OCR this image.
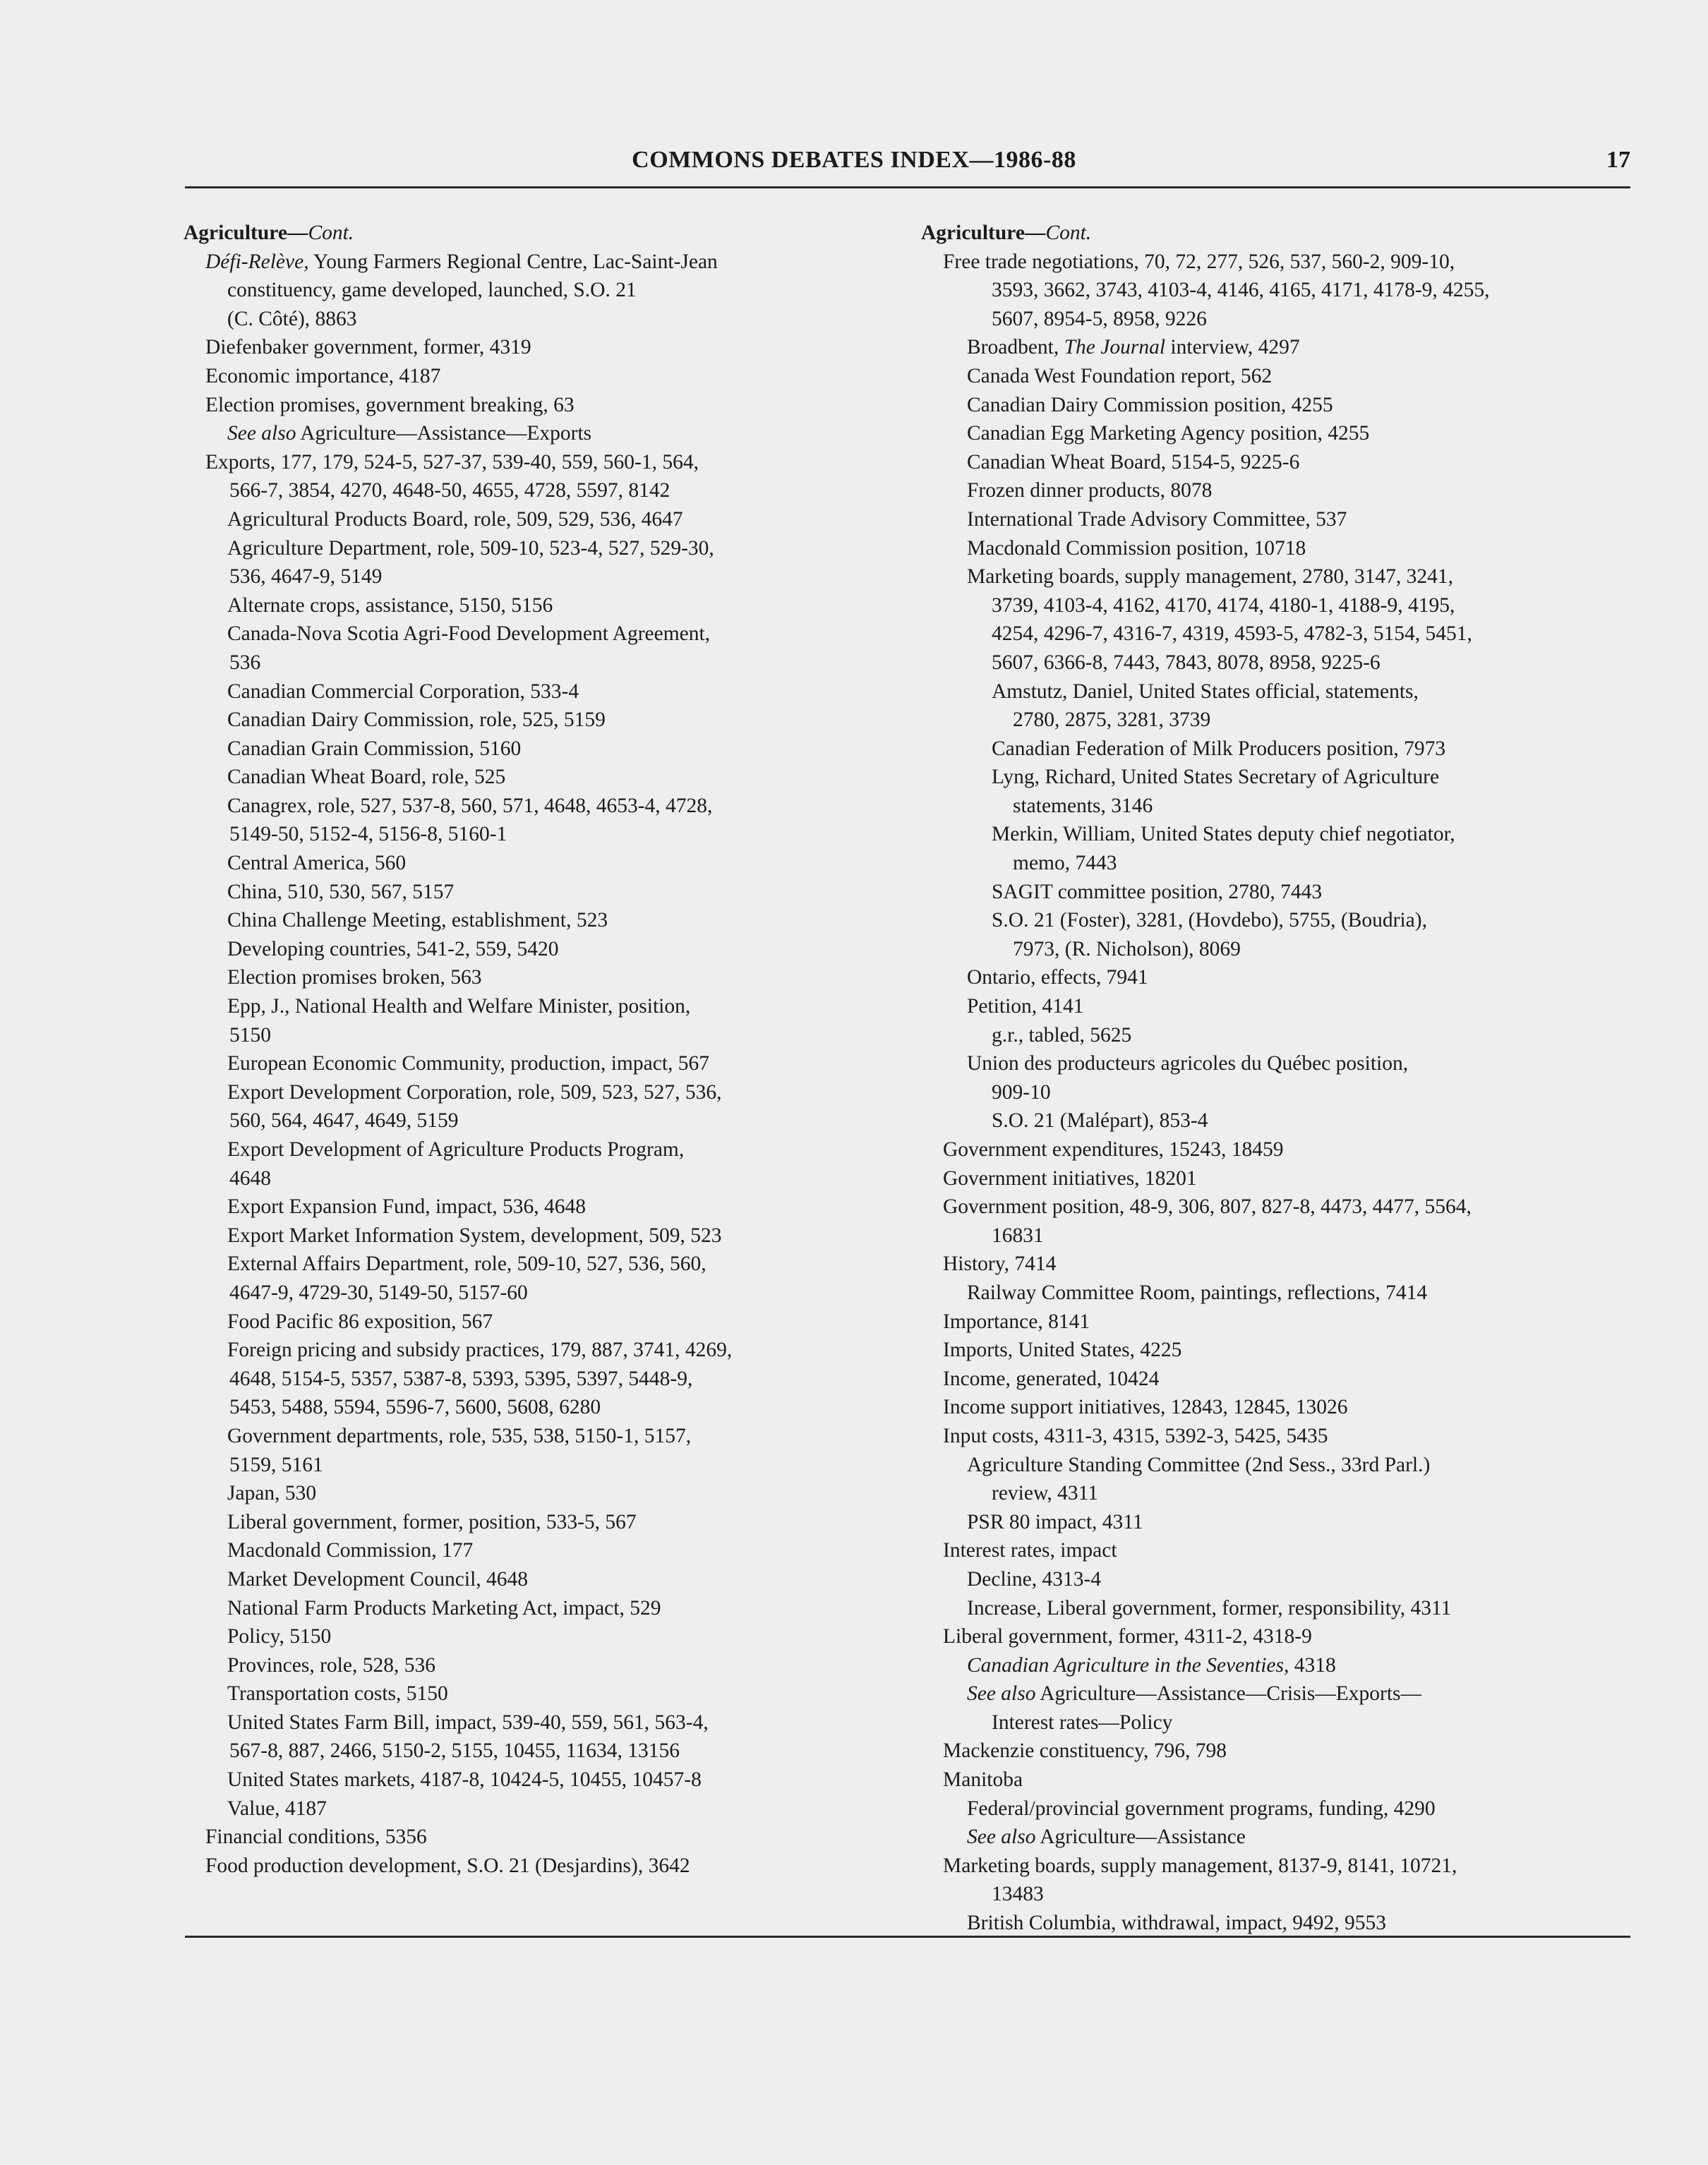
COMMONS DEBATES INDEX—1986-88	17
Agriculture—Cont.
Défi-Relève, Young Farmers Regional Centre, Lac-Saint-Jean
constituency, game developed, launched, S.O. 21
(C. Côté), 8863
Diefenbaker government, former, 4319
Economic importance, 4187
Election promises, government breaking, 63
See also Agriculture—Assistance—Exports
Exports, 177, 179, 524-5, 527-37, 539-40, 559, 560-1, 564,
566-7, 3854, 4270, 4648-50, 4655, 4728, 5597, 8142
Agricultural Products Board, role, 509, 529, 536, 4647
Agriculture Department, role, 509-10, 523-4, 527, 529-30,
536, 4647-9, 5149
Alternate crops, assistance, 5150, 5156
Canada-Nova Scotia Agri-Food Development Agreement,
536
Canadian Commercial Corporation, 533-4
Canadian Dairy Commission, role, 525, 5159
Canadian Grain Commission, 5160
Canadian Wheat Board, role, 525
Canagrex, role, 527, 537-8, 560, 571, 4648, 4653-4, 4728,
5149-50, 5152-4, 5156-8, 5160-1
Central America, 560
China, 510, 530, 567, 5157
China Challenge Meeting, establishment, 523
Developing countries, 541-2, 559, 5420
Election promises broken, 563
Epp, J., National Health and Welfare Minister, position,
5150
European Economic Community, production, impact, 567
Export Development Corporation, role, 509, 523, 527, 536,
560, 564, 4647, 4649, 5159
Export Development of Agriculture Products Program,
4648
Export Expansion Fund, impact, 536, 4648
Export Market Information System, development, 509, 523
External Affairs Department, role, 509-10, 527, 536, 560,
4647-9, 4729-30, 5149-50, 5157-60
Food Pacific 86 exposition, 567
Foreign pricing and subsidy practices, 179, 887, 3741, 4269,
4648, 5154-5, 5357, 5387-8, 5393, 5395, 5397, 5448-9,
5453, 5488, 5594, 5596-7, 5600, 5608, 6280
Government departments, role, 535, 538, 5150-1, 5157,
5159, 5161
Japan, 530
Liberal government, former, position, 533-5, 567
Macdonald Commission, 177
Market Development Council, 4648
National Farm Products Marketing Act, impact, 529
Policy, 5150
Provinces, role, 528, 536
Transportation costs, 5150
United States Farm Bill, impact, 539-40, 559, 561, 563-4,
567-8, 887, 2466, 5150-2, 5155, 10455, 11634, 13156
United States markets, 4187-8, 10424-5, 10455, 10457-8
Value, 4187
Financial conditions, 5356
Food production development, S.O. 21 (Desjardins), 3642
Agriculture—Cont.
Free trade negotiations, 70, 72, 277, 526, 537, 560-2, 909-10,
3593, 3662, 3743, 4103-4, 4146, 4165, 4171, 4178-9, 4255,
5607, 8954-5, 8958, 9226
Broadbent, The Journal interview, 4297
Canada West Foundation report, 562
Canadian Dairy Commission position, 4255
Canadian Egg Marketing Agency position, 4255
Canadian Wheat Board, 5154-5, 9225-6
Frozen dinner products, 8078
International Trade Advisory Committee, 537
Macdonald Commission position, 10718
Marketing boards, supply management, 2780, 3147, 3241,
3739, 4103-4, 4162, 4170, 4174, 4180-1, 4188-9, 4195,
4254, 4296-7, 4316-7, 4319, 4593-5, 4782-3, 5154, 5451,
5607, 6366-8, 7443, 7843, 8078, 8958, 9225-6
Amstutz, Daniel, United States official, statements,
2780, 2875, 3281, 3739
Canadian Federation of Milk Producers position, 7973
Lyng, Richard, United States Secretary of Agriculture
statements, 3146
Merkin, William, United States deputy chief negotiator,
memo, 7443
SAGIT committee position, 2780, 7443
S.O. 21 (Foster), 3281, (Hovdebo), 5755, (Boudria),
7973, (R. Nicholson), 8069
Ontario, effects, 7941
Petition, 4141
g.r., tabled, 5625
Union des producteurs agricoles du Québec position,
909-10
S.O. 21 (Malépart), 853-4
Government expenditures, 15243, 18459
Government initiatives, 18201
Government position, 48-9, 306, 807, 827-8, 4473, 4477, 5564,
16831
History, 7414
Railway Committee Room, paintings, reflections, 7414
Importance, 8141
Imports, United States, 4225
Income, generated, 10424
Income support initiatives, 12843, 12845, 13026
Input costs, 4311-3, 4315, 5392-3, 5425, 5435
Agriculture Standing Committee (2nd Sess., 33rd Parl.)
review, 4311
PSR 80 impact, 4311
Interest rates, impact
Decline, 4313-4
Increase, Liberal government, former, responsibility, 4311
Liberal government, former, 4311-2, 4318-9
Canadian Agriculture in the Seventies, 4318
See also Agriculture—Assistance—Crisis—Exports—
Interest rates—Policy
Mackenzie constituency, 796, 798
Manitoba
Federal/provincial government programs, funding, 4290
See also Agriculture—Assistance
Marketing boards, supply management, 8137-9, 8141, 10721,
13483
British Columbia, withdrawal, impact, 9492, 9553
